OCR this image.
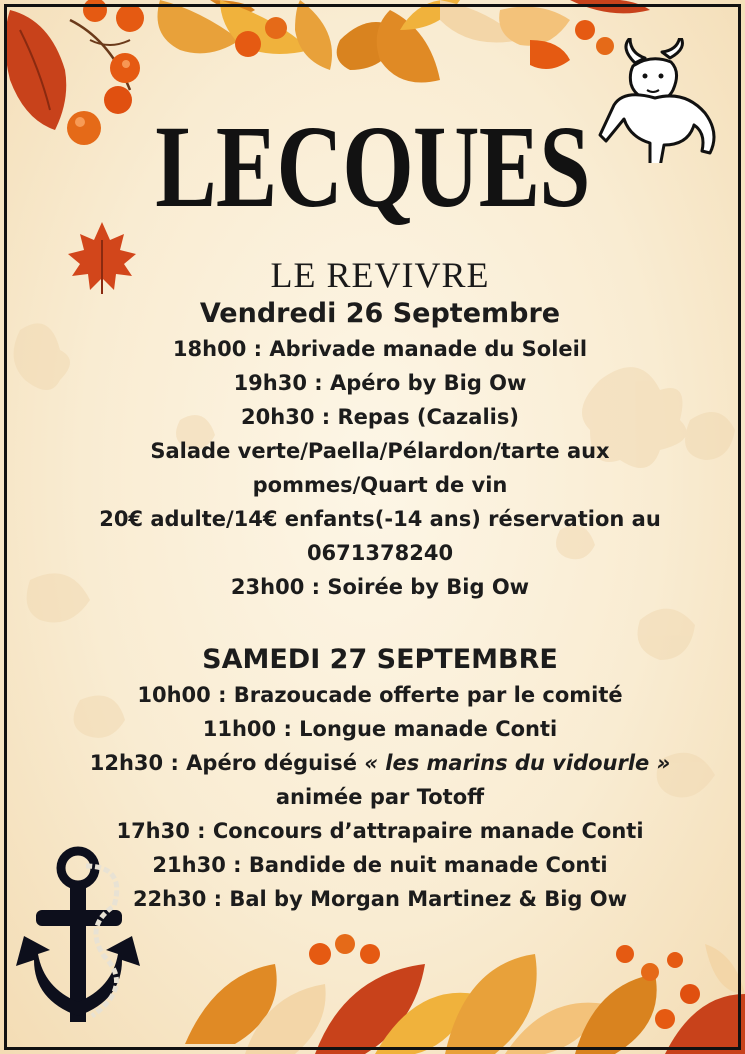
LECQUES
LE REVIVRE
Vendredi 26 Septembre
18h00 : Abrivade manade du Soleil
19h30 : Apéro by Big Ow
20h30 : Repas (Cazalis)
Salade verte/Paella/Pélardon/tarte aux
pommes/Quart de vin
20€ adulte/14€ enfants(-14 ans) réservation au
0671378240
23h00 : Soirée by Big Ow
SAMEDI 27 SEPTEMBRE
10h00 : Brazoucade offerte par le comité
11h00 : Longue manade Conti
12h30 : Apéro déguisé « les marins du vidourle »
animée par Totoff
17h30 : Concours d’attrapaire manade Conti
21h30 : Bandide de nuit manade Conti
22h30 : Bal by Morgan Martinez & Big Ow
